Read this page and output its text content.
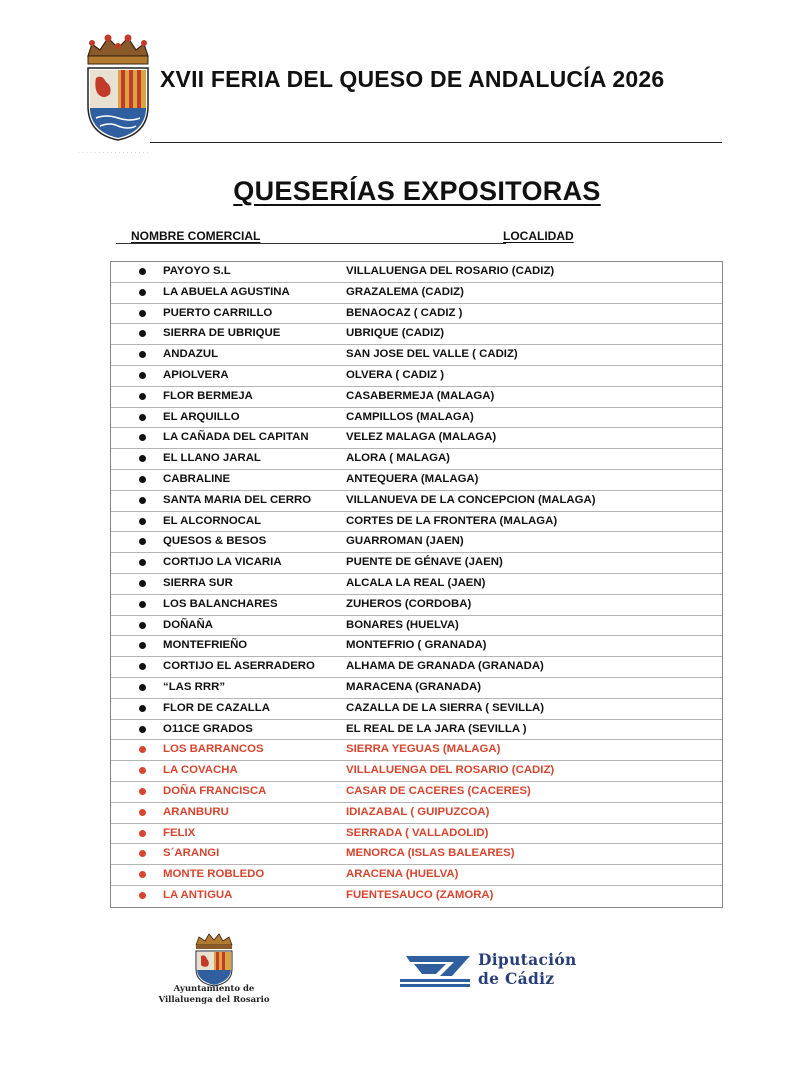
XVII FERIA DEL QUESO DE ANDALUCÍA 2026
· · · · · · · · · · · · · · · · · ·
QUESERÍAS EXPOSITORAS
NOMBRE COMERCIAL	LOCALIDAD
PAYOYO S.L	VILLALUENGA DEL ROSARIO (CADIZ)
LA ABUELA AGUSTINA	GRAZALEMA (CADIZ)
PUERTO CARRILLO	BENAOCAZ ( CADIZ )
SIERRA DE UBRIQUE	UBRIQUE (CADIZ)
ANDAZUL	SAN JOSE DEL VALLE ( CADIZ)
APIOLVERA	OLVERA ( CADIZ )
FLOR BERMEJA	CASABERMEJA (MALAGA)
EL ARQUILLO	CAMPILLOS (MALAGA)
LA CAÑADA DEL CAPITAN	VELEZ MALAGA (MALAGA)
EL LLANO JARAL	ALORA ( MALAGA)
CABRALINE	ANTEQUERA (MALAGA)
SANTA MARIA DEL CERRO	VILLANUEVA DE LA CONCEPCION (MALAGA)
EL ALCORNOCAL	CORTES DE LA FRONTERA (MALAGA)
QUESOS & BESOS	GUARROMAN (JAEN)
CORTIJO LA VICARIA	PUENTE DE GÉNAVE (JAEN)
SIERRA SUR	ALCALA LA REAL (JAEN)
LOS BALANCHARES	ZUHEROS (CORDOBA)
DOÑAÑA	BONARES (HUELVA)
MONTEFRIEÑO	MONTEFRIO ( GRANADA)
CORTIJO EL ASERRADERO	ALHAMA DE GRANADA (GRANADA)
“LAS RRR”	MARACENA (GRANADA)
FLOR DE CAZALLA	CAZALLA DE LA SIERRA ( SEVILLA)
O11CE GRADOS	EL REAL DE LA JARA (SEVILLA )
LOS BARRANCOS	SIERRA YEGUAS (MALAGA)
LA COVACHA	VILLALUENGA DEL ROSARIO (CADIZ)
DOÑA FRANCISCA	CASAR DE CACERES (CACERES)
ARANBURU	IDIAZABAL ( GUIPUZCOA)
FELIX	SERRADA ( VALLADOLID)
S´ARANGI	MENORCA (ISLAS BALEARES)
MONTE ROBLEDO	ARACENA (HUELVA)
LA ANTIGUA	FUENTESAUCO (ZAMORA)
Ayuntamiento de
Villaluenga del Rosario
Diputación
de Cádiz
